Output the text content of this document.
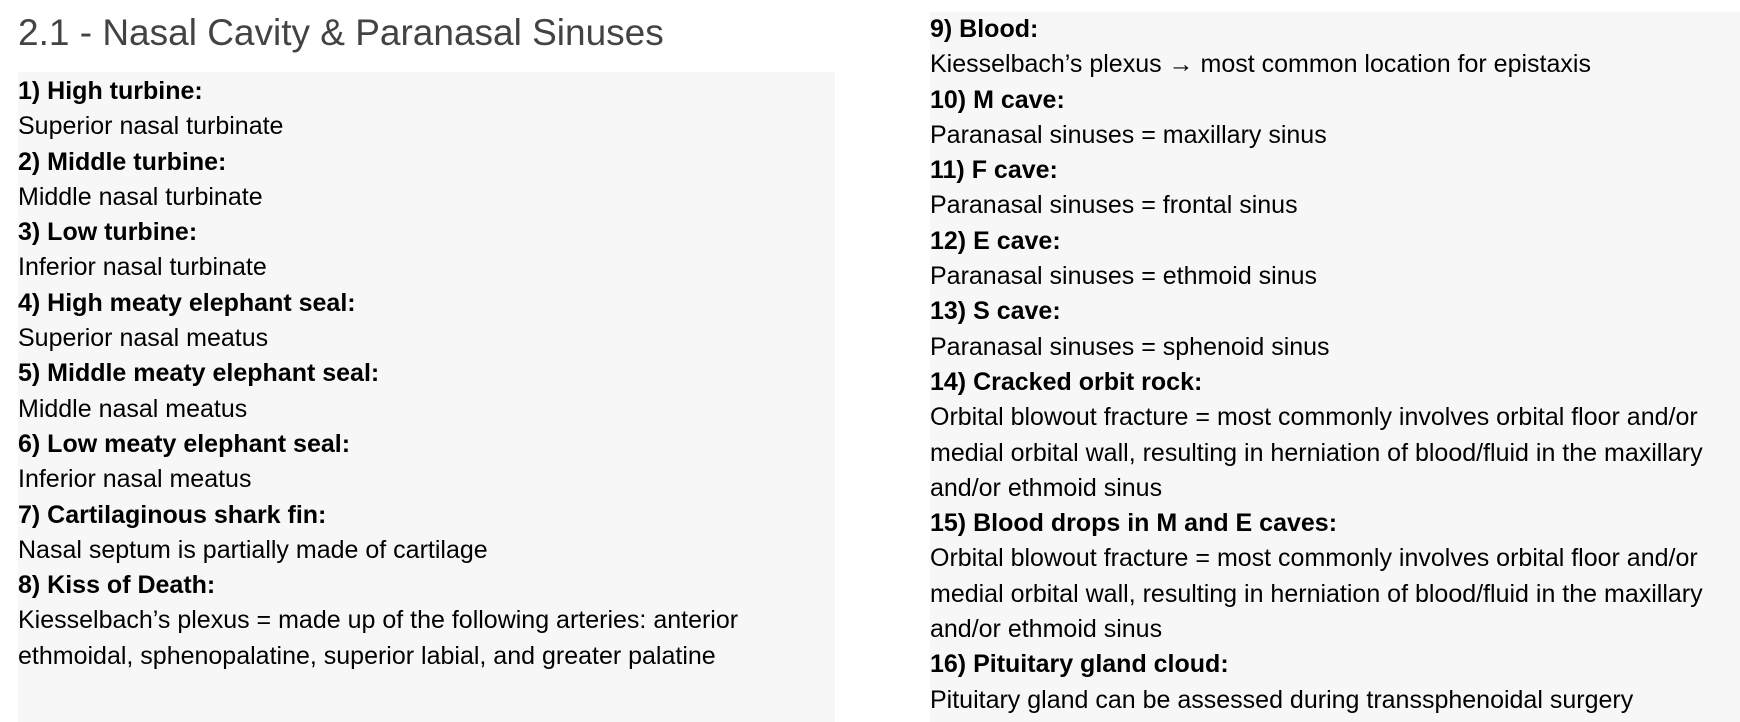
2.1 - Nasal Cavity & Paranasal Sinuses
1) High turbine:
Superior nasal turbinate
2) Middle turbine:
Middle nasal turbinate
3) Low turbine:
Inferior nasal turbinate
4) High meaty elephant seal:
Superior nasal meatus
5) Middle meaty elephant seal:
Middle nasal meatus
6) Low meaty elephant seal:
Inferior nasal meatus
7) Cartilaginous shark fin:
Nasal septum is partially made of cartilage
8) Kiss of Death:
Kiesselbach’s plexus = made up of the following arteries: anterior ethmoidal, sphenopalatine, superior labial, and greater palatine
9) Blood:
Kiesselbach’s plexus → most common location for epistaxis
10) M cave:
Paranasal sinuses = maxillary sinus
11) F cave:
Paranasal sinuses = frontal sinus
12) E cave:
Paranasal sinuses = ethmoid sinus
13) S cave:
Paranasal sinuses = sphenoid sinus
14) Cracked orbit rock:
Orbital blowout fracture = most commonly involves orbital floor and/or medial orbital wall, resulting in herniation of blood/fluid in the maxillary and/or ethmoid sinus
15) Blood drops in M and E caves:
Orbital blowout fracture = most commonly involves orbital floor and/or medial orbital wall, resulting in herniation of blood/fluid in the maxillary and/or ethmoid sinus
16) Pituitary gland cloud:
Pituitary gland can be assessed during transsphenoidal surgery
